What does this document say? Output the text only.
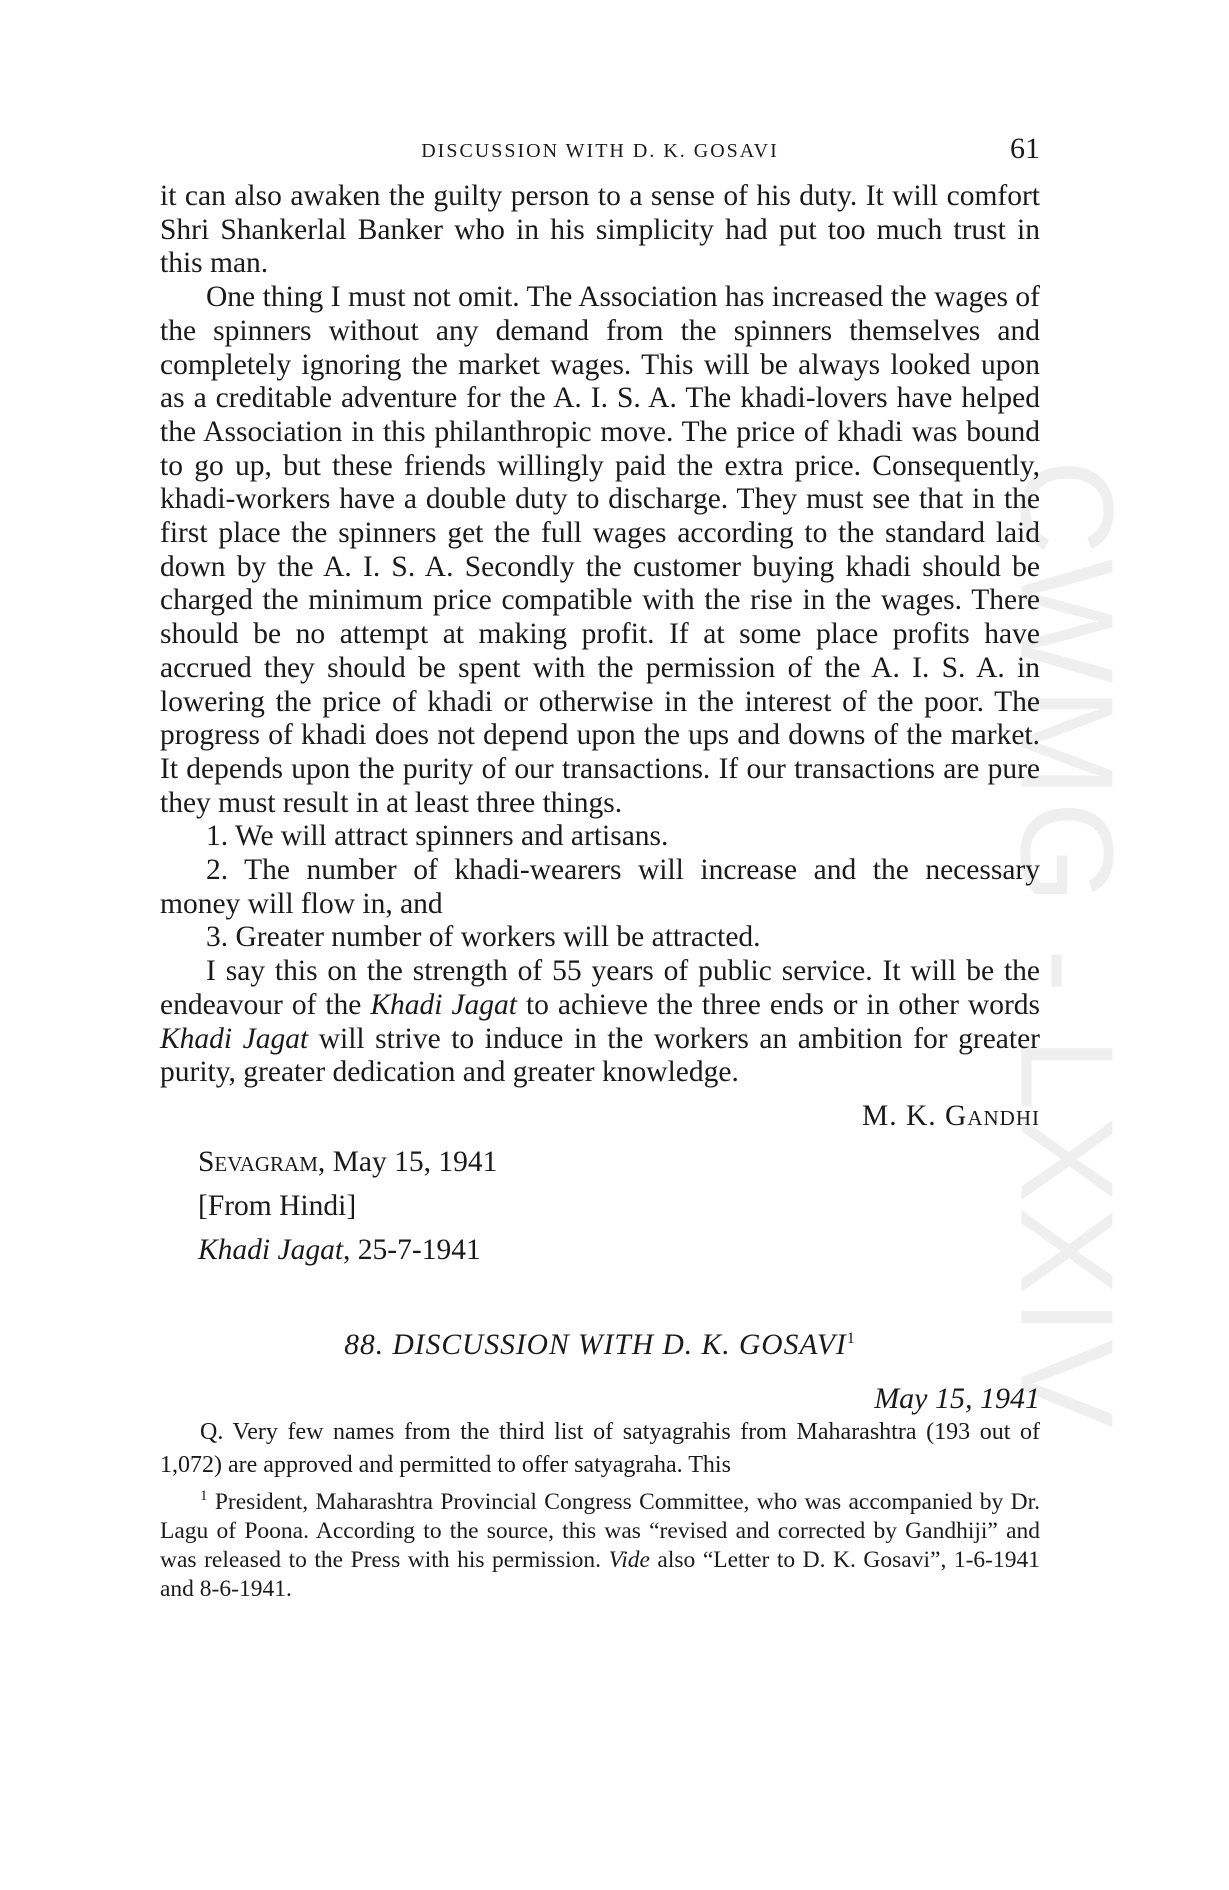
CWMG - LXXIV
DISCUSSION WITH D. K. GOSAVI	61

it can also awaken the guilty person to a sense of his duty. It will comfort Shri Shankerlal Banker who in his simplicity had put too much trust in this man.

One thing I must not omit. The Association has increased the wages of the spinners without any demand from the spinners themselves and completely ignoring the market wages. This will be always looked upon as a creditable adventure for the A. I. S. A. The khadi-lovers have helped the Association in this philanthropic move. The price of khadi was bound to go up, but these friends willingly paid the extra price. Consequently, khadi-workers have a double duty to discharge. They must see that in the first place the spinners get the full wages according to the standard laid down by the A. I. S. A. Secondly the customer buying khadi should be charged the minimum price compatible with the rise in the wages. There should be no attempt at making profit. If at some place profits have accrued they should be spent with the permission of the A. I. S. A. in lowering the price of khadi or otherwise in the interest of the poor. The progress of khadi does not depend upon the ups and downs of the market. It depends upon the purity of our transactions. If our transactions are pure they must result in at least three things.

1. We will attract spinners and artisans.

2. The number of khadi-wearers will increase and the necessary money will flow in, and

3. Greater number of workers will be attracted.

I say this on the strength of 55 years of public service. It will be the endeavour of the Khadi Jagat to achieve the three ends or in other words Khadi Jagat will strive to induce in the workers an ambition for greater purity, greater dedication and greater knowledge.

M. K. Gandhi
Sevagram, May 15, 1941
[From Hindi]
Khadi Jagat, 25-7-1941
88. DISCUSSION WITH D. K. GOSAVI$^1$
May 15, 1941

Q. Very few names from the third list of satyagrahis from Maharashtra (193 out of 1,072) are approved and permitted to offer satyagraha. This

$^1$ President, Maharashtra Provincial Congress Committee, who was accompanied by Dr. Lagu of Poona. According to the source, this was “revised and corrected by Gandhiji” and was released to the Press with his permission. Vide also “Letter to D. K. Gosavi”, 1-6-1941 and 8-6-1941.
